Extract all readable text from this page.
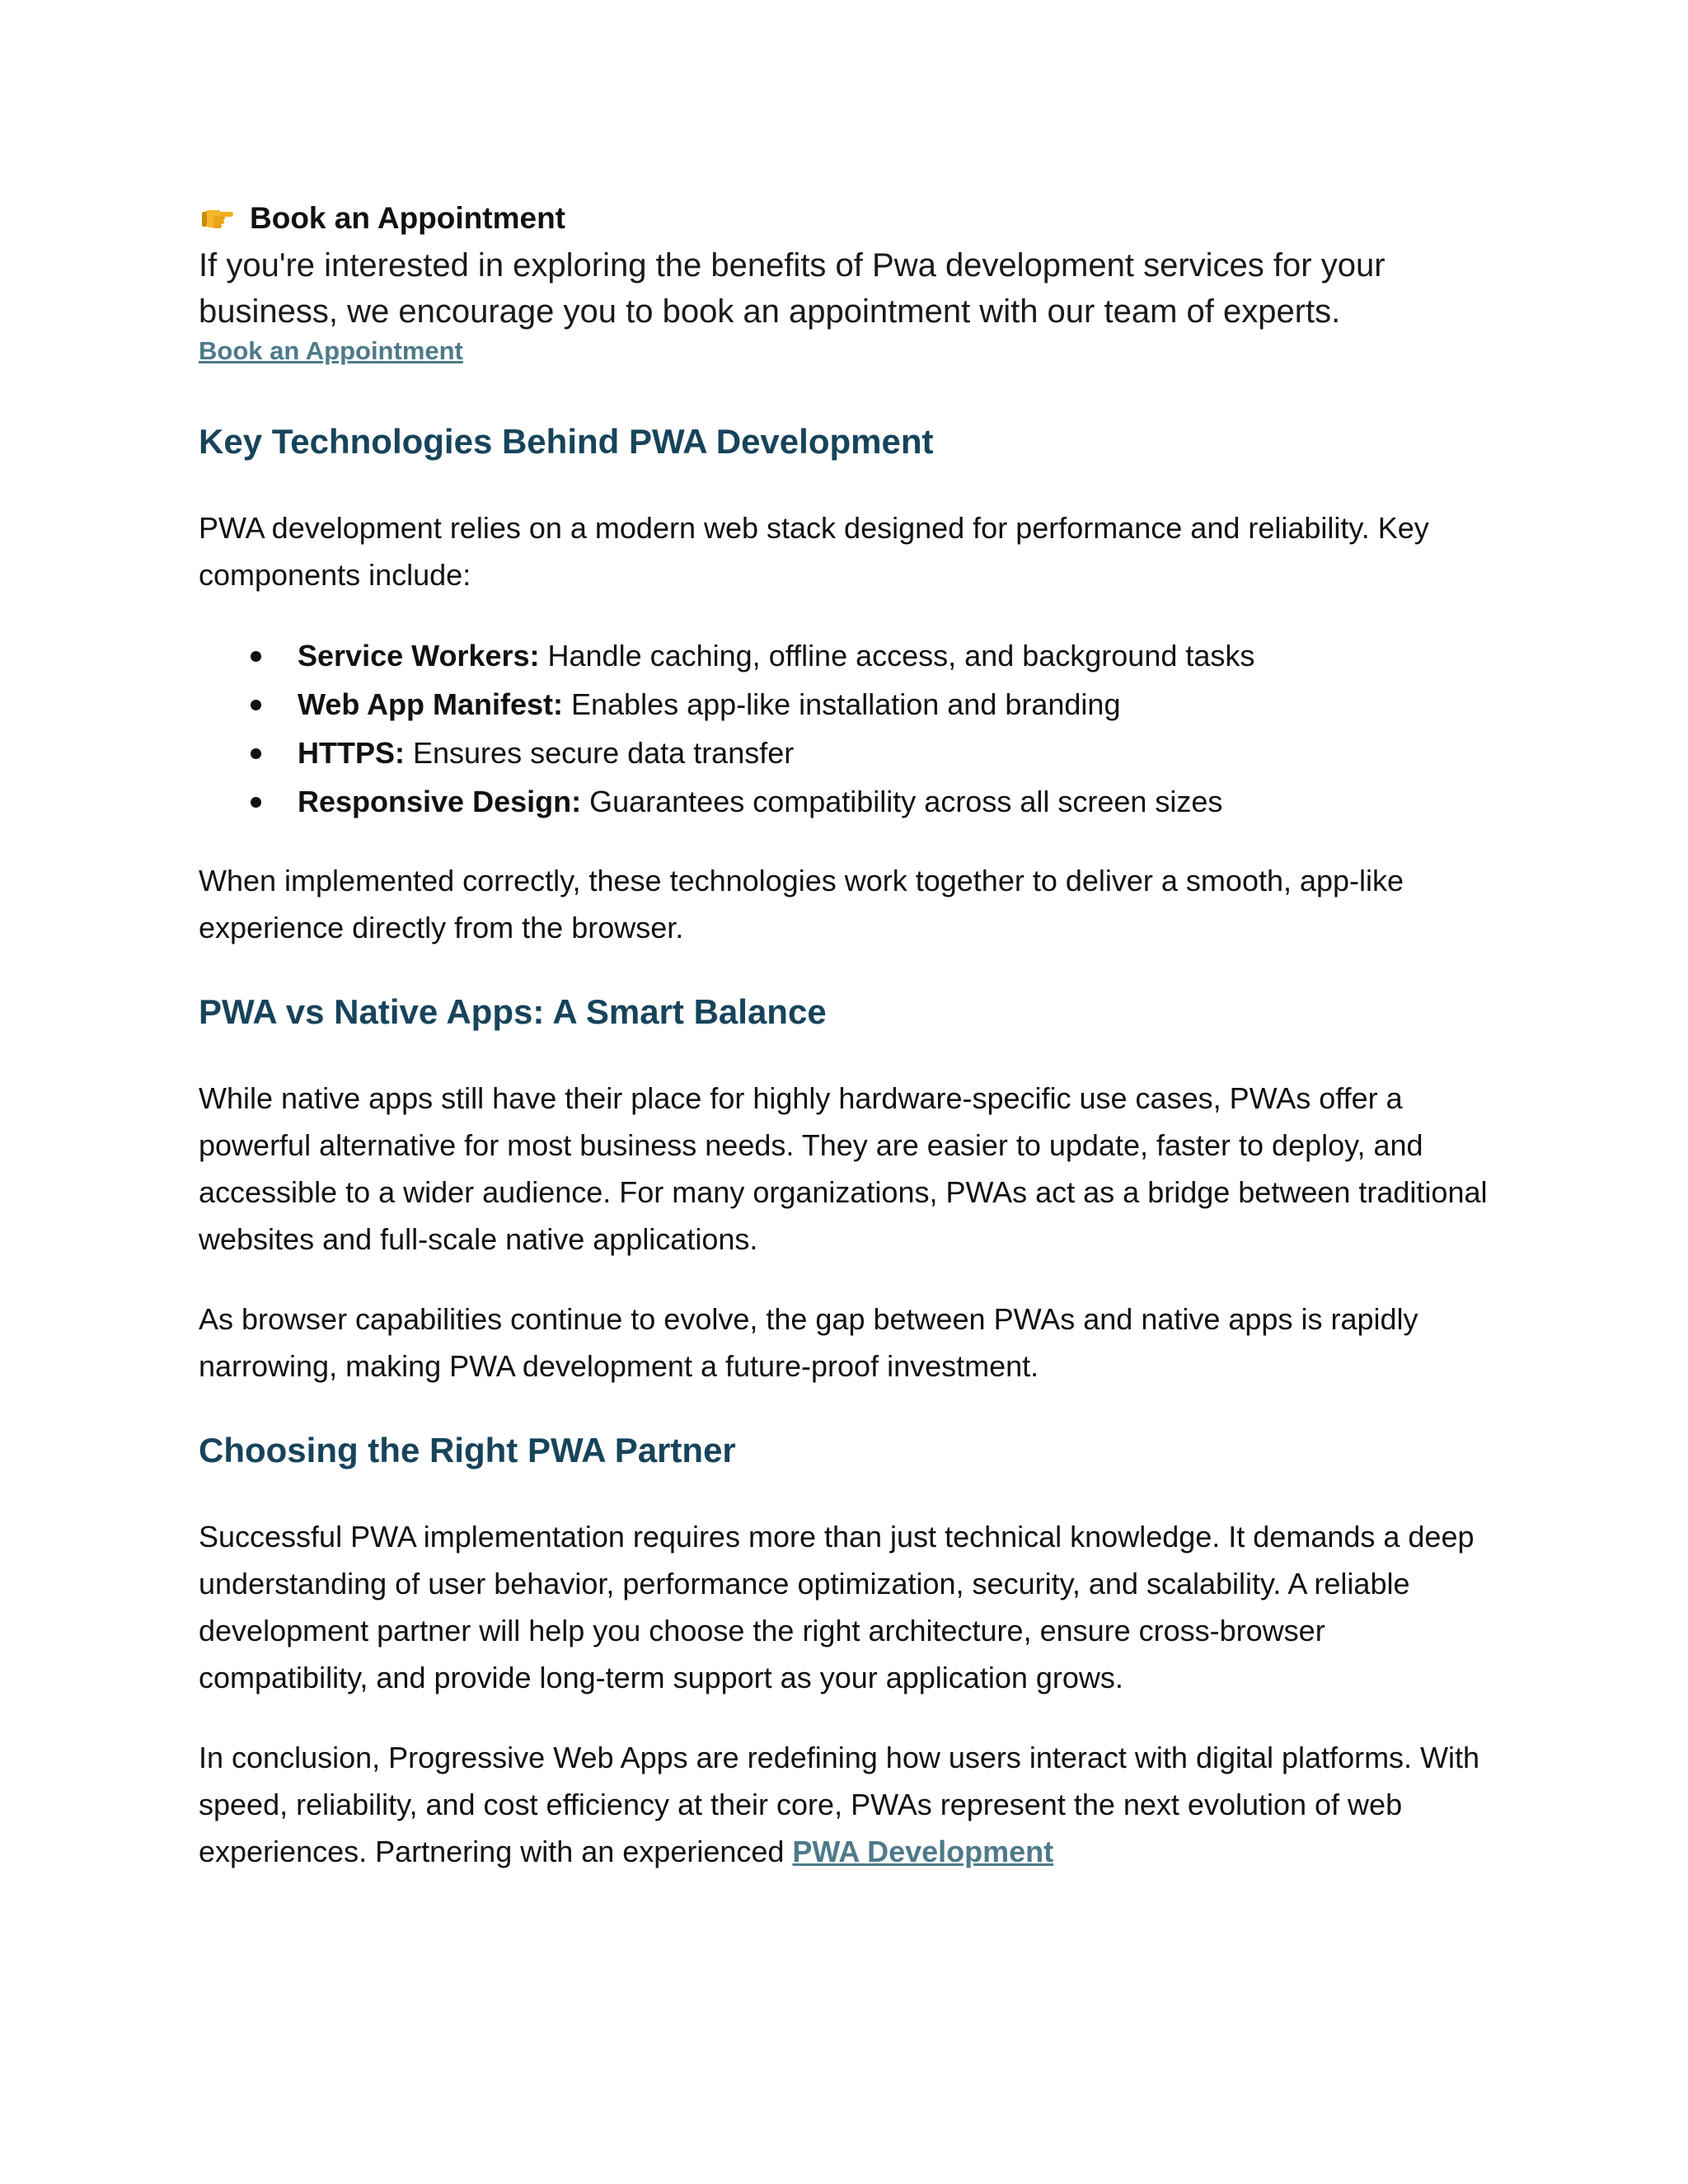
Book an Appointment

If you're interested in exploring the benefits of Pwa development services for your business, we encourage you to book an appointment with our team of experts.

Book an Appointment
Key Technologies Behind PWA Development

PWA development relies on a modern web stack designed for performance and reliability. Key components include:

Service Workers: Handle caching, offline access, and background tasks
Web App Manifest: Enables app-like installation and branding
HTTPS: Ensures secure data transfer
Responsive Design: Guarantees compatibility across all screen sizes

When implemented correctly, these technologies work together to deliver a smooth, app-like experience directly from the browser.

PWA vs Native Apps: A Smart Balance

While native apps still have their place for highly hardware-specific use cases, PWAs offer a powerful alternative for most business needs. They are easier to update, faster to deploy, and accessible to a wider audience. For many organizations, PWAs act as a bridge between traditional websites and full-scale native applications.

As browser capabilities continue to evolve, the gap between PWAs and native apps is rapidly narrowing, making PWA development a future-proof investment.

Choosing the Right PWA Partner

Successful PWA implementation requires more than just technical knowledge. It demands a deep understanding of user behavior, performance optimization, security, and scalability. A reliable development partner will help you choose the right architecture, ensure cross-browser compatibility, and provide long-term support as your application grows.

In conclusion, Progressive Web Apps are redefining how users interact with digital platforms. With speed, reliability, and cost efficiency at their core, PWAs represent the next evolution of web experiences. Partnering with an experienced PWA Development
